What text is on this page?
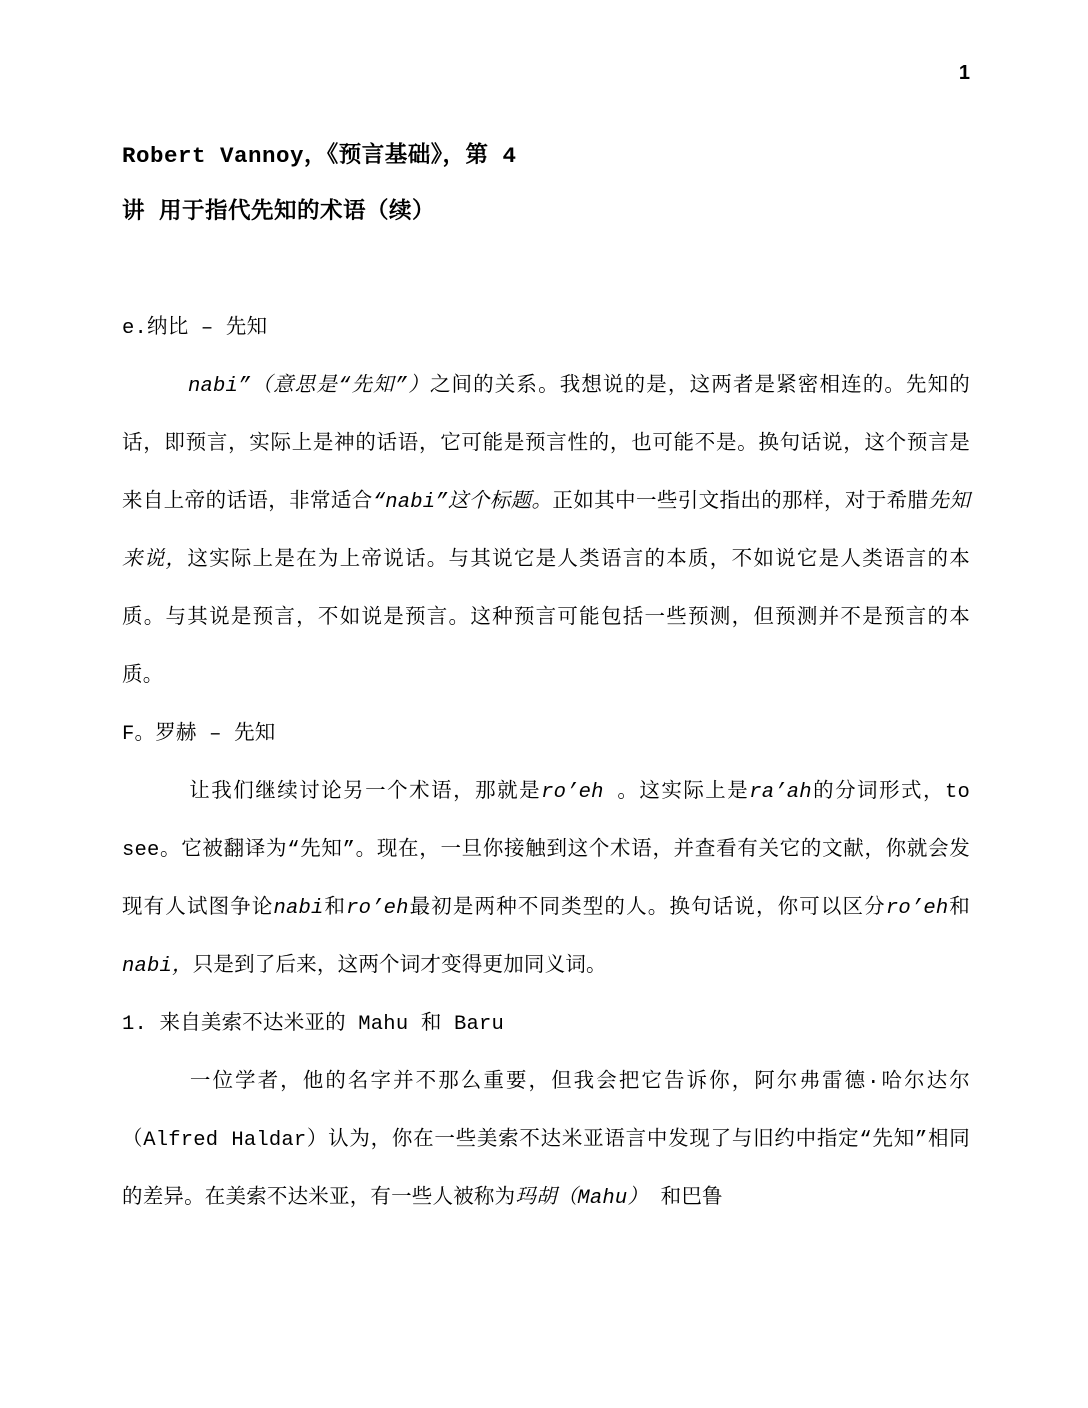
1
Robert Vannoy，《预言基础》，第 4
讲 用于指代先知的术语（续）

e.纳比 – 先知

nabi”（意思是“先知”）之间的关系。我想说的是，这两者是紧密相连的。先知的话，即预言，实际上是神的话语，它可能是预言性的，也可能不是。换句话说，这个预言是来自上帝的话语，非常适合“nabi”这个标题。正如其中一些引文指出的那样，对于希腊先知来说，这实际上是在为上帝说话。与其说它是人类语言的本质，不如说它是人类语言的本质。与其说是预言，不如说是预言。这种预言可能包括一些预测，但预测并不是预言的本质。

F。罗赫 – 先知

让我们继续讨论另一个术语，那就是ro’eh 。这实际上是ra’ah的分词形式，to see。它被翻译为“先知”。现在，一旦你接触到这个术语，并查看有关它的文献，你就会发现有人试图争论nabi和ro’eh最初是两种不同类型的人。换句话说，你可以区分ro’eh和nabi，只是到了后来，这两个词才变得更加同义词。

1. 来自美索不达米亚的 Mahu 和 Baru

一位学者，他的名字并不那么重要，但我会把它告诉你，阿尔弗雷德·哈尔达尔（Alfred Haldar）认为，你在一些美索不达米亚语言中发现了与旧约中指定“先知”相同的差异。在美索不达米亚，有一些人被称为玛胡（Mahu） 和巴鲁
